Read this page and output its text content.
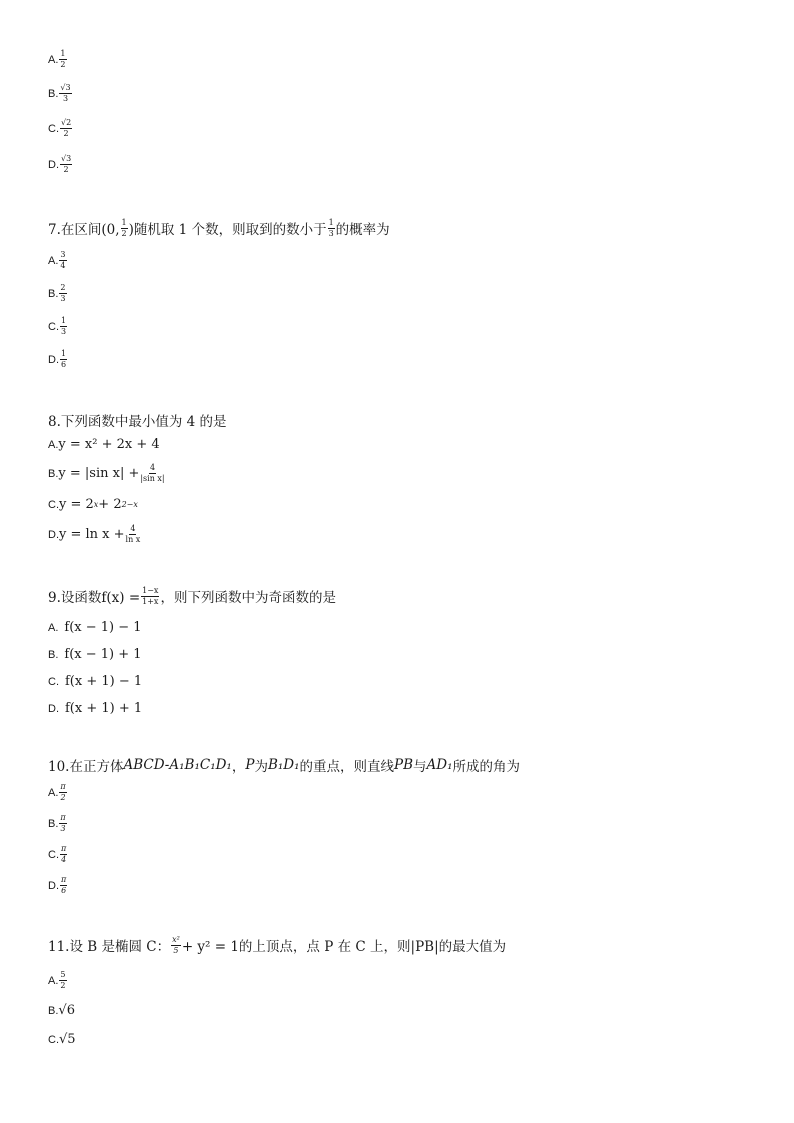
A. $\frac{1}{2}$
B. $\frac{√3}{3}$
C. $\frac{√2}{2}$
D. $\frac{√3}{2}$
7.在区间(0, $\frac{1}{2}$ )随机取 1 个数，则取到的数小于 $\frac{1}{3}$ 的概率为
A. $\frac{3}{4}$
B. $\frac{2}{3}$
C. $\frac{1}{3}$
D. $\frac{1}{6}$
8.下列函数中最小值为 4 的是
A. y = x² + 2x + 4
B. y = |sin $x| + \frac{4}{\text{|sin x|}}$
C. y = 2 x + 2 2−x
D. $y = \ln x + \frac{4}{\text{ln x}}$
9.设函数$f(x) = \frac{1-x}{1+x}$ ，则下列函数中为奇函数的是
A. f(x − 1) − 1
B. f(x − 1) + 1
C. f(x + 1) − 1
D. f(x + 1) + 1
10.在正方体 ABCD-A₁B₁C₁D₁ ， P 为 B₁D₁ 的重点，则直线 PB 与 AD₁ 所成的角为
A. $\frac{\pi}{2}$
B. $\frac{\pi}{3}$
C. $\frac{\pi}{4}$
D. $\frac{\pi}{6}$
11.设 B 是椭圆 C： $\frac{\text{x²}}{5} + y^2 = 1$的上顶点，点 P 在 C 上，则|PB|的最大值为
A. $\frac{5}{2}$
B. √6
C. √5
